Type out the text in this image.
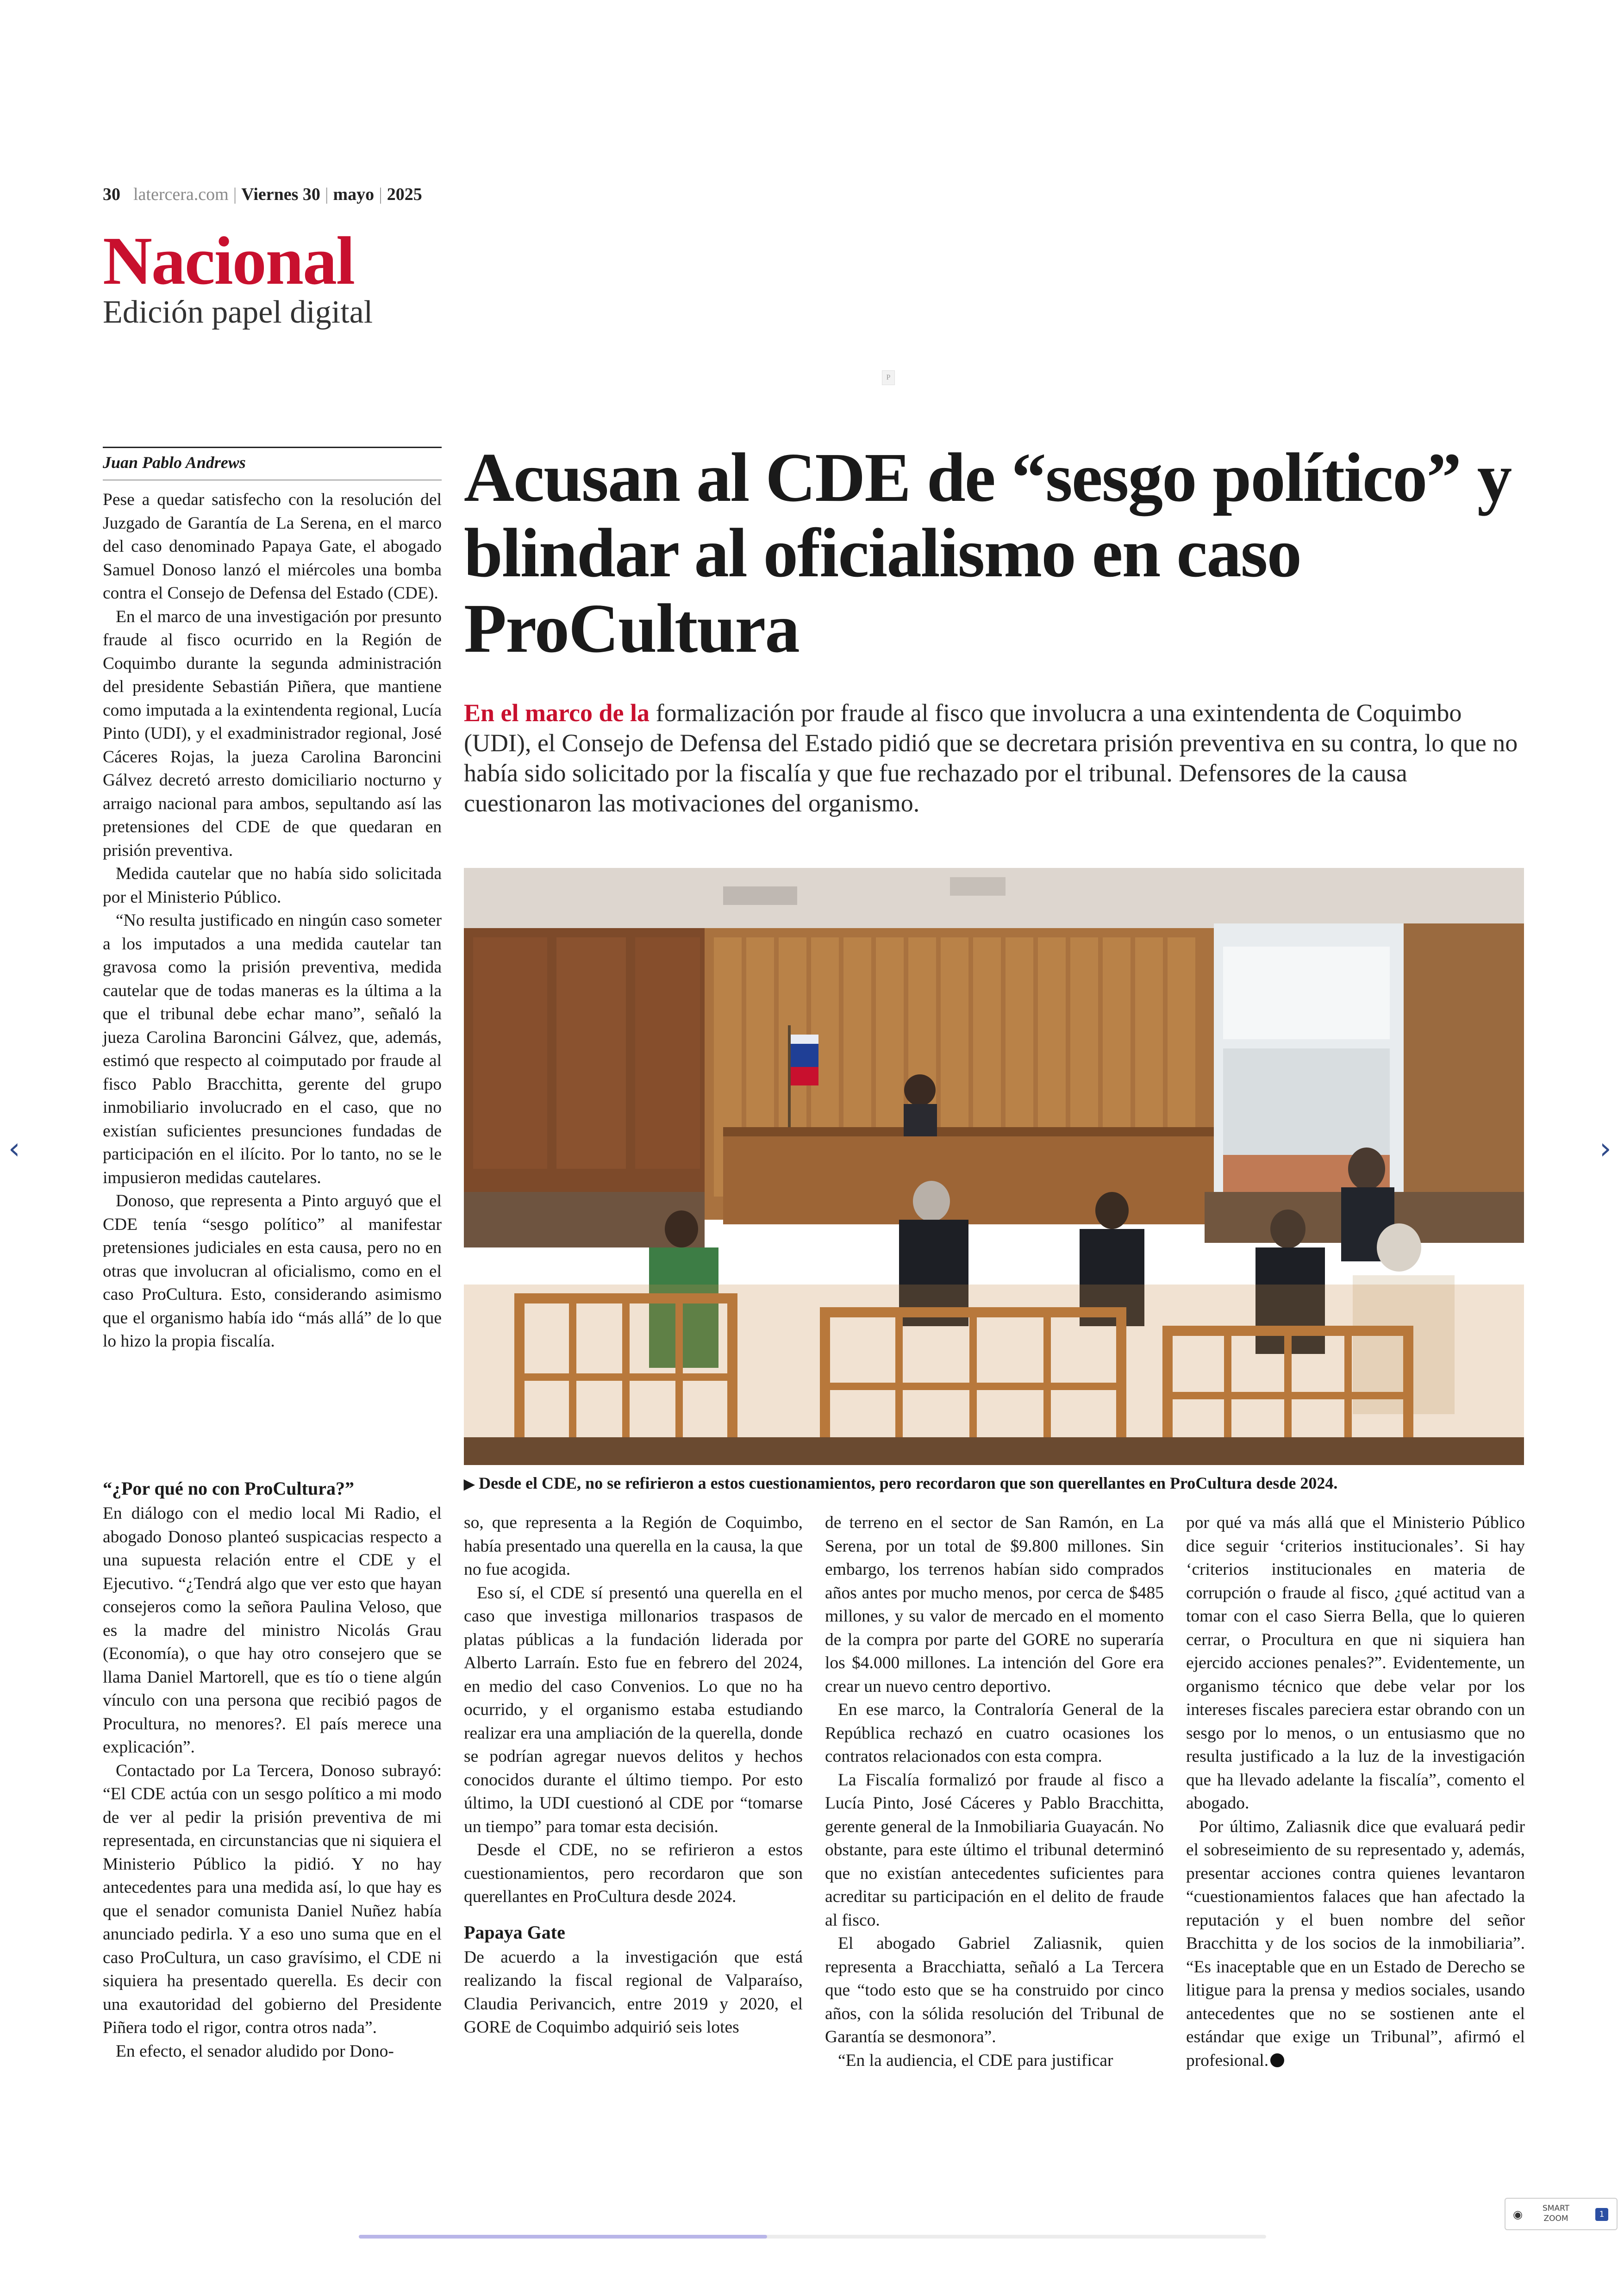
30 latercera.com | Viernes 30 | mayo | 2025
Nacional
Edición papel digital
P
Juan Pablo Andrews

Pese a quedar satisfecho con la resolución del Juzgado de Garantía de La Serena, en el marco del caso denominado Papaya Gate, el abogado Samuel Donoso lanzó el miércoles una bomba contra el Consejo de Defensa del Estado (CDE).

En el marco de una investigación por presunto fraude al fisco ocurrido en la Región de Coquimbo durante la segunda administración del presidente Sebastián Piñera, que mantiene como imputada a la exintendenta regional, Lucía Pinto (UDI), y el exadministrador regional, José Cáceres Rojas, la jueza Carolina Baroncini Gálvez decretó arresto domiciliario nocturno y arraigo nacional para ambos, sepultando así las pretensiones del CDE de que quedaran en prisión preventiva.

Medida cautelar que no había sido solicitada por el Ministerio Público.

“No resulta justificado en ningún caso someter a los imputados a una medida cautelar tan gravosa como la prisión preventiva, medida cautelar que de todas maneras es la última a la que el tribunal debe echar mano”, señaló la jueza Carolina Baroncini Gálvez, que, además, estimó que respecto al coimputado por fraude al fisco Pablo Bracchitta, gerente del grupo inmobiliario involucrado en el caso, que no existían suficientes presunciones fundadas de participación en el ilícito. Por lo tanto, no se le impusieron medidas cautelares.

Donoso, que representa a Pinto arguyó que el CDE tenía “sesgo político” al manifestar pretensiones judiciales en esta causa, pero no en otras que involucran al oficialismo, como en el caso ProCultura. Esto, considerando asimismo que el organismo había ido “más allá” de lo que lo hizo la propia fiscalía.

“¿Por qué no con ProCultura?”

En diálogo con el medio local Mi Radio, el abogado Donoso planteó suspicacias respecto a una supuesta relación entre el CDE y el Ejecutivo. “¿Tendrá algo que ver esto que hayan consejeros como la señora Paulina Veloso, que es la madre del ministro Nicolás Grau (Economía), o que hay otro consejero que se llama Daniel Martorell, que es tío o tiene algún vínculo con una persona que recibió pagos de Procultura, no menores?. El país merece una explicación”.

Contactado por La Tercera, Donoso subrayó: “El CDE actúa con un sesgo político a mi modo de ver al pedir la prisión preventiva de mi representada, en circunstancias que ni siquiera el Ministerio Público la pidió. Y no hay antecedentes para una medida así, lo que hay es que el senador comunista Daniel Nuñez había anunciado pedirla. Y a eso uno suma que en el caso ProCultura, un caso gravísimo, el CDE ni siquiera ha presentado querella. Es decir con una exautoridad del gobierno del Presidente Piñera todo el rigor, contra otros nada”.

En efecto, el senador aludido por Dono-

Acusan al CDE de “sesgo político” y blindar al oficialismo en caso ProCultura
En el marco de la formalización por fraude al fisco que involucra a una exintendenta de Coquimbo (UDI), el Consejo de Defensa del Estado pidió que se decretara prisión preventiva en su contra, lo que no había sido solicitado por la fiscalía y que fue rechazado por el tribunal. Defensores de la causa cuestionaron las motivaciones del organismo.
▶ Desde el CDE, no se refirieron a estos cuestionamientos, pero recordaron que son querellantes en ProCultura desde 2024.

so, que representa a la Región de Coquimbo, había presentado una querella en la causa, la que no fue acogida.

Eso sí, el CDE sí presentó una querella en el caso que investiga millonarios traspasos de platas públicas a la fundación liderada por Alberto Larraín. Esto fue en febrero del 2024, en medio del caso Convenios. Lo que no ha ocurrido, y el organismo estaba estudiando realizar era una ampliación de la querella, donde se podrían agregar nuevos delitos y hechos conocidos durante el último tiempo. Por esto último, la UDI cuestionó al CDE por “tomarse un tiempo” para tomar esta decisión.

Desde el CDE, no se refirieron a estos cuestionamientos, pero recordaron que son querellantes en ProCultura desde 2024.

Papaya Gate

De acuerdo a la investigación que está realizando la fiscal regional de Valparaíso, Claudia Perivancich, entre 2019 y 2020, el GORE de Coquimbo adquirió seis lotes

de terreno en el sector de San Ramón, en La Serena, por un total de $9.800 millones. Sin embargo, los terrenos habían sido comprados años antes por mucho menos, por cerca de $485 millones, y su valor de mercado en el momento de la compra por parte del GORE no superaría los $4.000 millones. La intención del Gore era crear un nuevo centro deportivo.

En ese marco, la Contraloría General de la República rechazó en cuatro ocasiones los contratos relacionados con esta compra.

La Fiscalía formalizó por fraude al fisco a Lucía Pinto, José Cáceres y Pablo Bracchitta, gerente general de la Inmobiliaria Guayacán. No obstante, para este último el tribunal determinó que no existían antecedentes suficientes para acreditar su participación en el delito de fraude al fisco.

El abogado Gabriel Zaliasnik, quien representa a Bracchiatta, señaló a La Tercera que “todo esto que se ha construido por cinco años, con la sólida resolución del Tribunal de Garantía se desmonora”.

“En la audiencia, el CDE para justificar

por qué va más allá que el Ministerio Público dice seguir ‘criterios institucionales’. Si hay ‘criterios institucionales en materia de corrupción o fraude al fisco, ¿qué actitud van a tomar con el caso Sierra Bella, que lo quieren cerrar, o Procultura en que ni siquiera han ejercido acciones penales?”. Evidentemente, un organismo técnico que debe velar por los intereses fiscales pareciera estar obrando con un sesgo por lo menos, o un entusiasmo que no resulta justificado a la luz de la investigación que ha llevado adelante la fiscalía”, comento el abogado.

Por último, Zaliasnik dice que evaluará pedir el sobreseimiento de su representado y, además, presentar acciones contra quienes levantaron “cuestionamientos falaces que han afectado la reputación y el buen nombre del señor Bracchitta y de los socios de la inmobiliaria”. “Es inaceptable que en un Estado de Derecho se litigue para la prensa y medios sociales, usando antecedentes que no se sostienen ante el estándar que exige un Tribunal”, afirmó el profesional.

‹	›
◉	SMART
ZOOM	1
